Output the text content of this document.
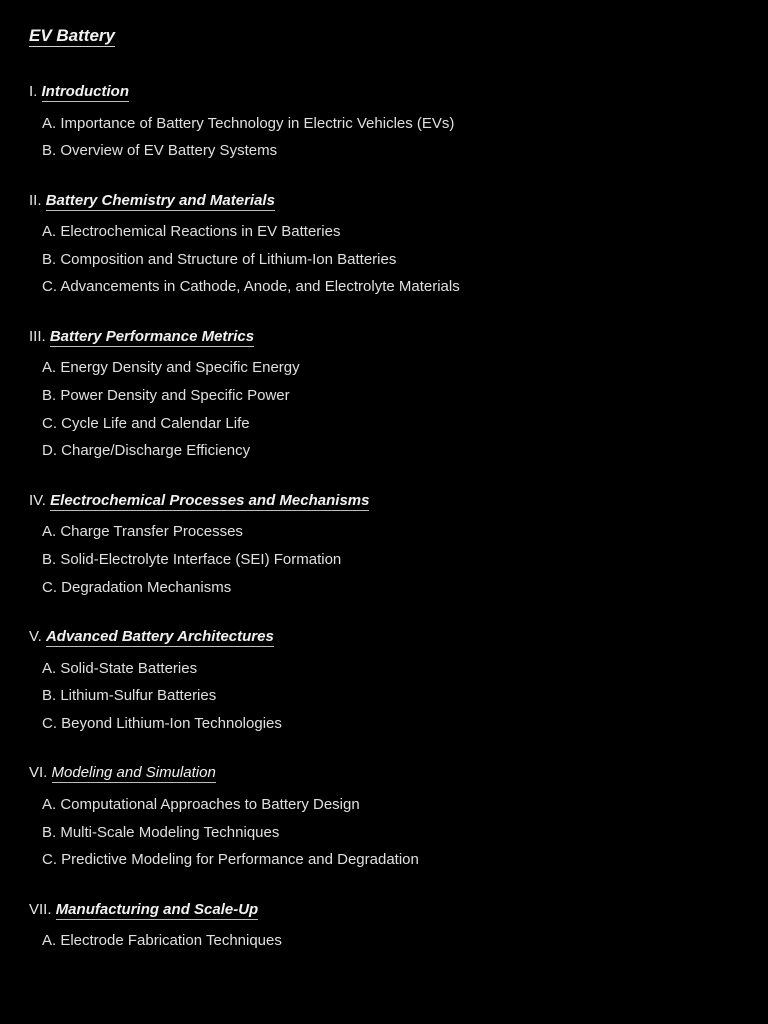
EV Battery
I. Introduction
A. Importance of Battery Technology in Electric Vehicles (EVs)
B. Overview of EV Battery Systems
II. Battery Chemistry and Materials
A. Electrochemical Reactions in EV Batteries
B. Composition and Structure of Lithium-Ion Batteries
C. Advancements in Cathode, Anode, and Electrolyte Materials
III. Battery Performance Metrics
A. Energy Density and Specific Energy
B. Power Density and Specific Power
C. Cycle Life and Calendar Life
D. Charge/Discharge Efficiency
IV. Electrochemical Processes and Mechanisms
A. Charge Transfer Processes
B. Solid-Electrolyte Interface (SEI) Formation
C. Degradation Mechanisms
V. Advanced Battery Architectures
A. Solid-State Batteries
B. Lithium-Sulfur Batteries
C. Beyond Lithium-Ion Technologies
VI. Modeling and Simulation
A. Computational Approaches to Battery Design
B. Multi-Scale Modeling Techniques
C. Predictive Modeling for Performance and Degradation
VII. Manufacturing and Scale-Up
A. Electrode Fabrication Techniques
